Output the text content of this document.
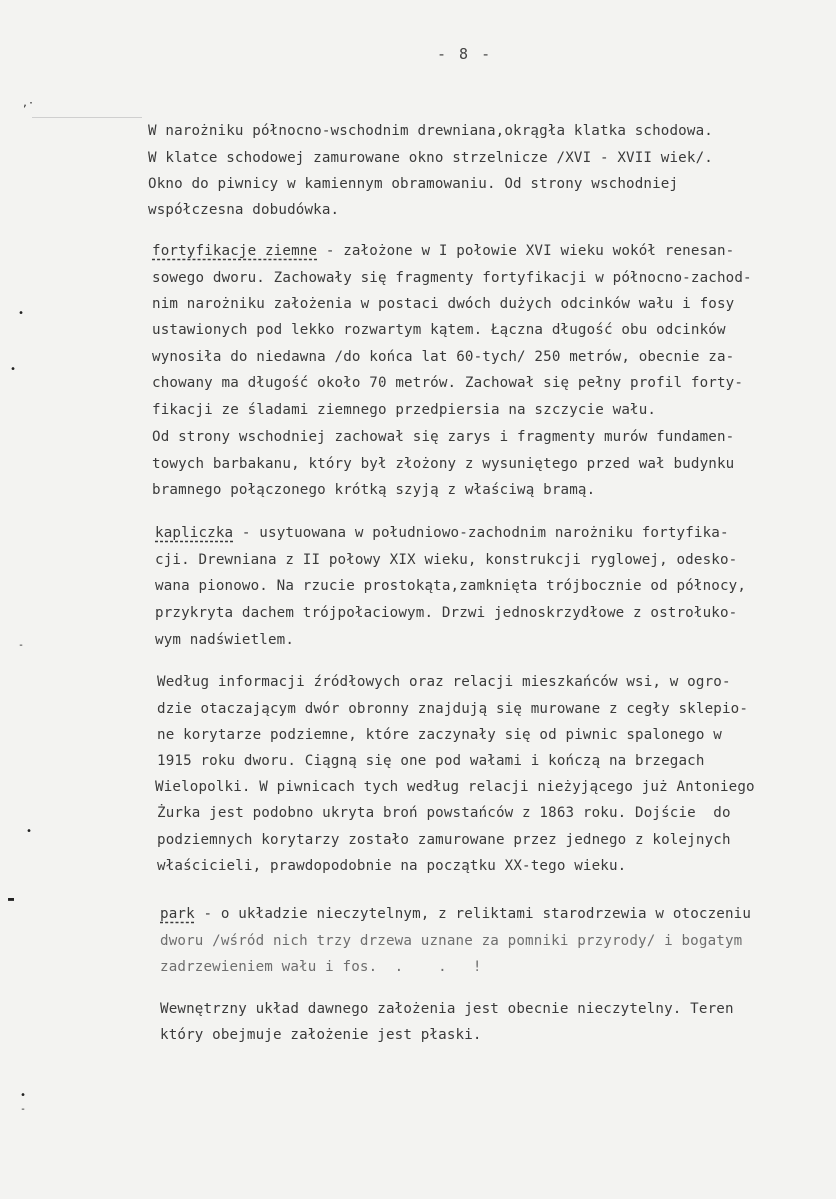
- 8 -
,·
•
•
-
•
▬
•
-
W narożniku północno-wschodnim drewniana,okrągła klatka schodowa.
W klatce schodowej zamurowane okno strzelnicze /XVI - XVII wiek/.
Okno do piwnicy w kamiennym obramowaniu. Od strony wschodniej
współczesna dobudówka.
fortyfikacje ziemne - założone w I połowie XVI wieku wokół renesan-
sowego dworu. Zachowały się fragmenty fortyfikacji w północno-zachod-
nim narożniku założenia w postaci dwóch dużych odcinków wału i fosy
ustawionych pod lekko rozwartym kątem. Łączna długość obu odcinków
wynosiła do niedawna /do końca lat 60-tych/ 250 metrów, obecnie za-
chowany ma długość około 70 metrów. Zachował się pełny profil forty-
fikacji ze śladami ziemnego przedpiersia na szczycie wału.
Od strony wschodniej zachował się zarys i fragmenty murów fundamen-
towych barbakanu, który był złożony z wysuniętego przed wał budynku
bramnego połączonego krótką szyją z właściwą bramą.
kapliczka - usytuowana w południowo-zachodnim narożniku fortyfika-
cji. Drewniana z II połowy XIX wieku, konstrukcji ryglowej, odesko-
wana pionowo. Na rzucie prostokąta,zamknięta trójbocznie od północy,
przykryta dachem trójpołaciowym. Drzwi jednoskrzydłowe z ostrołuko-
wym nadświetlem.
Według informacji źródłowych oraz relacji mieszkańców wsi, w ogro-
dzie otaczającym dwór obronny znajdują się murowane z cegły sklepio-
ne korytarze podziemne, które zaczynały się od piwnic spalonego w
1915 roku dworu. Ciągną się one pod wałami i kończą na brzegach
Wielopolki. W piwnicach tych według relacji nieżyjącego już Antoniego
Żurka jest podobno ukryta broń powstańców z 1863 roku. Dojście  do
podziemnych korytarzy zostało zamurowane przez jednego z kolejnych
właścicieli, prawdopodobnie na początku XX-tego wieku.
park - o układzie nieczytelnym, z reliktami starodrzewia w otoczeniu
dworu /wśród nich trzy drzewa uznane za pomniki przyrody/ i bogatym
zadrzewieniem wału i fos.  .    .   !
Wewnętrzny układ dawnego założenia jest obecnie nieczytelny. Teren
który obejmuje założenie jest płaski.
